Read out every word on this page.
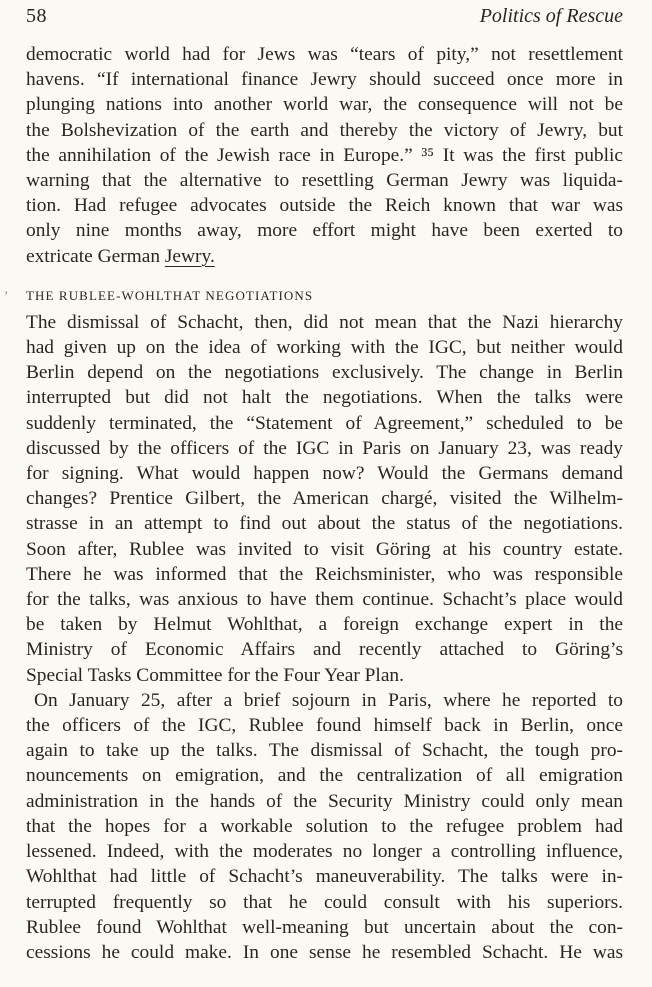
58	Politics of Rescue
democratic world had for Jews was “tears of pity,” not resettlement
havens. “If international finance Jewry should succeed once more in
plunging nations into another world war, the consequence will not be
the Bolshevization of the earth and thereby the victory of Jewry, but
the annihilation of the Jewish race in Europe.” ³⁵ It was the first public
warning that the alternative to resettling German Jewry was liquida-
tion. Had refugee advocates outside the Reich known that war was
only nine months away, more effort might have been exerted to
extricate German Jewry.
’ THE RUBLEE-WOHLTHAT NEGOTIATIONS
The dismissal of Schacht, then, did not mean that the Nazi hierarchy
had given up on the idea of working with the IGC, but neither would
Berlin depend on the negotiations exclusively. The change in Berlin
interrupted but did not halt the negotiations. When the talks were
suddenly terminated, the “Statement of Agreement,” scheduled to be
discussed by the officers of the IGC in Paris on January 23, was ready
for signing. What would happen now? Would the Germans demand
changes? Prentice Gilbert, the American chargé, visited the Wilhelm-
strasse in an attempt to find out about the status of the negotiations.
Soon after, Rublee was invited to visit Göring at his country estate.
There he was informed that the Reichsminister, who was responsible
for the talks, was anxious to have them continue. Schacht’s place would
be taken by Helmut Wohlthat, a foreign exchange expert in the
Ministry of Economic Affairs and recently attached to Göring’s
Special Tasks Committee for the Four Year Plan.
On January 25, after a brief sojourn in Paris, where he reported to
the officers of the IGC, Rublee found himself back in Berlin, once
again to take up the talks. The dismissal of Schacht, the tough pro-
nouncements on emigration, and the centralization of all emigration
administration in the hands of the Security Ministry could only mean
that the hopes for a workable solution to the refugee problem had
lessened. Indeed, with the moderates no longer a controlling influence,
Wohlthat had little of Schacht’s maneuverability. The talks were in-
terrupted frequently so that he could consult with his superiors.
Rublee found Wohlthat well-meaning but uncertain about the con-
cessions he could make. In one sense he resembled Schacht. He was
